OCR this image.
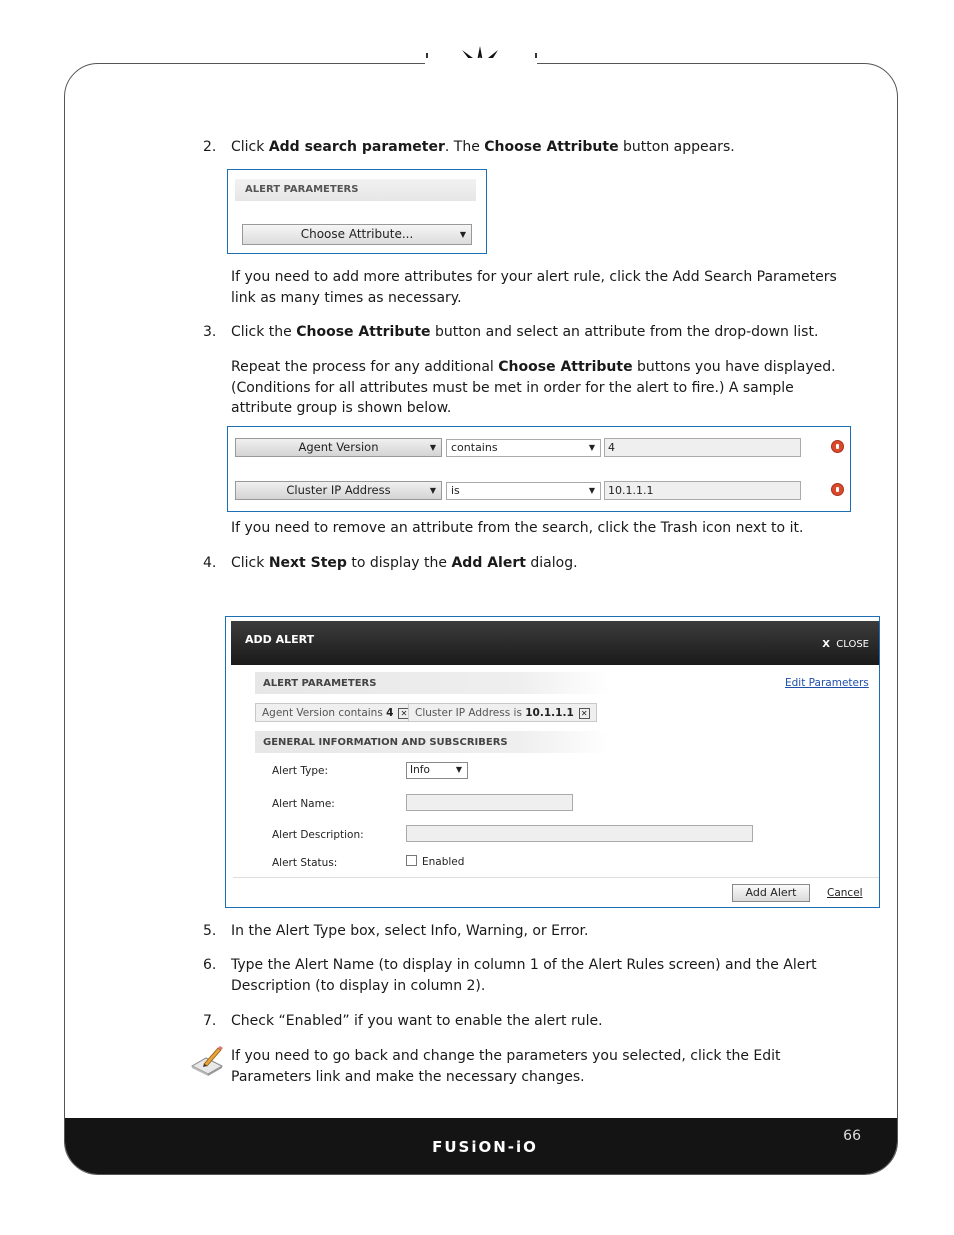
FUSiON-iO
66
2. Click Add search parameter. The Choose Attribute button appears.
ALERT PARAMETERS
Choose Attribute...	▼
If you need to add more attributes for your alert rule, click the Add Search Parameters link as many times as necessary.
3. Click the Choose Attribute button and select an attribute from the drop-down list.
Repeat the process for any additional Choose Attribute buttons you have displayed. (Conditions for all attributes must be met in order for the alert to fire.) A sample attribute group is shown below.
Agent Version	▼	contains	▼	4
Cluster IP Address	▼	is	▼	10.1.1.1
If you need to remove an attribute from the search, click the Trash icon next to it.
4. Click Next Step to display the Add Alert dialog.
ADD ALERT	X CLOSE
ALERT PARAMETERS	Edit Parameters
Agent Version contains 4 ✕ Cluster IP Address is 10.1.1.1 ✕
GENERAL INFORMATION AND SUBSCRIBERS
Alert Type:	Info	▼
Alert Name:
Alert Description:
Alert Status:	Enabled
Add Alert	Cancel
5. In the Alert Type box, select Info, Warning, or Error.
6. Type the Alert Name (to display in column 1 of the Alert Rules screen) and the Alert Description (to display in column 2).
7. Check “Enabled” if you want to enable the alert rule.
If you need to go back and change the parameters you selected, click the Edit Parameters link and make the necessary changes.
